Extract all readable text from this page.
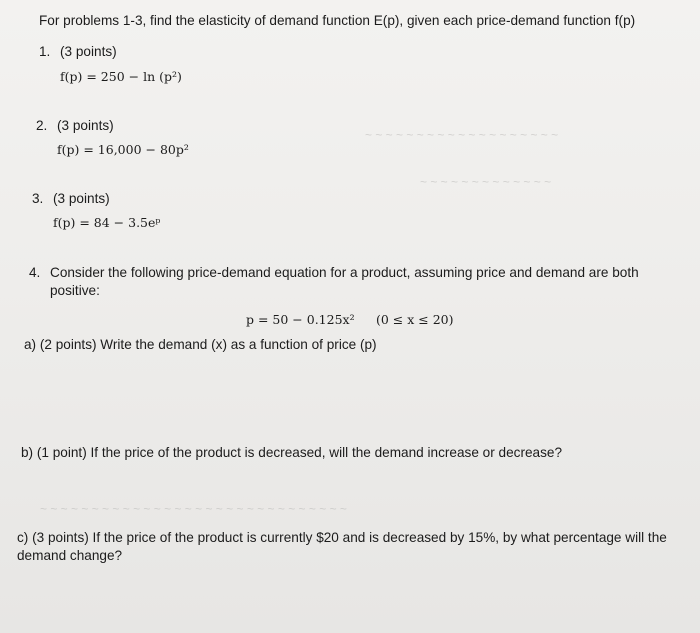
~ ~ ~ ~ ~ ~ ~ ~ ~ ~ ~ ~ ~ ~ ~ ~ ~ ~ ~
~ ~ ~ ~ ~ ~ ~ ~ ~ ~ ~ ~ ~
~ ~ ~ ~ ~ ~ ~ ~ ~ ~ ~ ~ ~ ~ ~ ~ ~ ~ ~ ~ ~ ~ ~ ~ ~ ~ ~ ~ ~ ~
For problems 1-3, find the elasticity of demand function E(p), given each price-demand function f(p)
1. (3 points)
f(p) = 250 − ln (p²)
2. (3 points)
f(p) = 16,000 − 80p²
3. (3 points)
f(p) = 84 − 3.5eᵖ
4. Consider the following price-demand equation for a product, assuming price and demand are both positive:
p = 50 − 0.125x² (0 ≤ x ≤ 20)
a) (2 points) Write the demand (x) as a function of price (p)
b) (1 point) If the price of the product is decreased, will the demand increase or decrease?
c) (3 points) If the price of the product is currently $20 and is decreased by 15%, by what percentage will the demand change?
